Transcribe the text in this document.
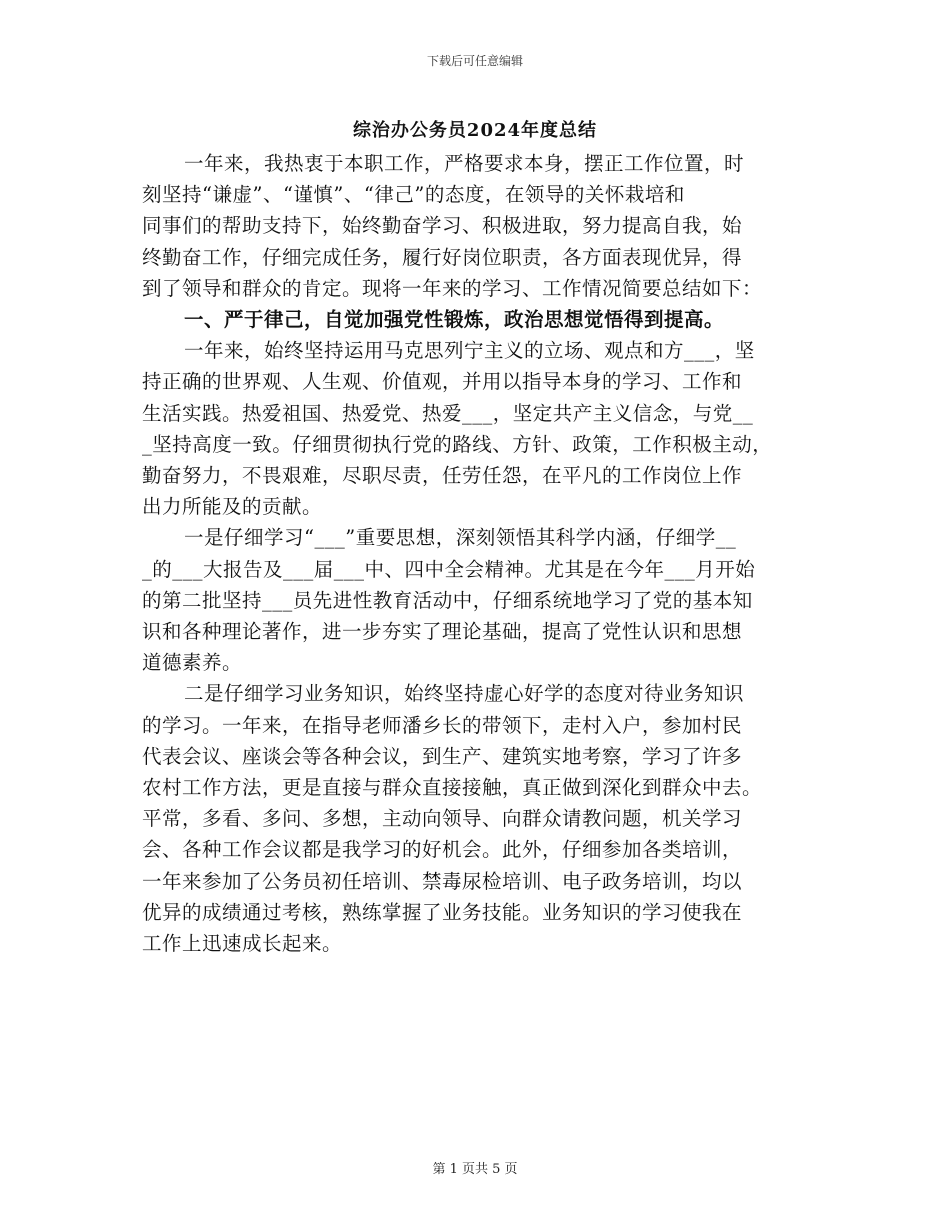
下载后可任意编辑
综治办公务员2024年度总结
一年来，我热衷于本职工作，严格要求本身，摆正工作位置，时
刻坚持“谦虚”、“谨慎”、“律己”的态度，在领导的关怀栽培和
同事们的帮助支持下，始终勤奋学习、积极进取，努力提高自我，始
终勤奋工作，仔细完成任务，履行好岗位职责，各方面表现优异，得
到了领导和群众的肯定。现将一年来的学习、工作情况简要总结如下：
一、严于律己，自觉加强党性锻炼，政治思想觉悟得到提高。
一年来，始终坚持运用马克思列宁主义的立场、观点和方___，坚
持正确的世界观、人生观、价值观，并用以指导本身的学习、工作和
生活实践。热爱祖国、热爱党、热爱___，坚定共产主义信念，与党__
_坚持高度一致。仔细贯彻执行党的路线、方针、政策，工作积极主动，
勤奋努力，不畏艰难，尽职尽责，任劳任怨，在平凡的工作岗位上作
出力所能及的贡献。
一是仔细学习“___”重要思想，深刻领悟其科学内涵，仔细学__
_的___大报告及___届___中、四中全会精神。尤其是在今年___月开始
的第二批坚持___员先进性教育活动中，仔细系统地学习了党的基本知
识和各种理论著作，进一步夯实了理论基础，提高了党性认识和思想
道德素养。
二是仔细学习业务知识，始终坚持虚心好学的态度对待业务知识
的学习。一年来，在指导老师潘乡长的带领下，走村入户，参加村民
代表会议、座谈会等各种会议，到生产、建筑实地考察，学习了许多
农村工作方法，更是直接与群众直接接触，真正做到深化到群众中去。
平常，多看、多问、多想，主动向领导、向群众请教问题，机关学习
会、各种工作会议都是我学习的好机会。此外，仔细参加各类培训，
一年来参加了公务员初任培训、禁毒尿检培训、电子政务培训，均以
优异的成绩通过考核，熟练掌握了业务技能。业务知识的学习使我在
工作上迅速成长起来。
第 1 页共 5 页
